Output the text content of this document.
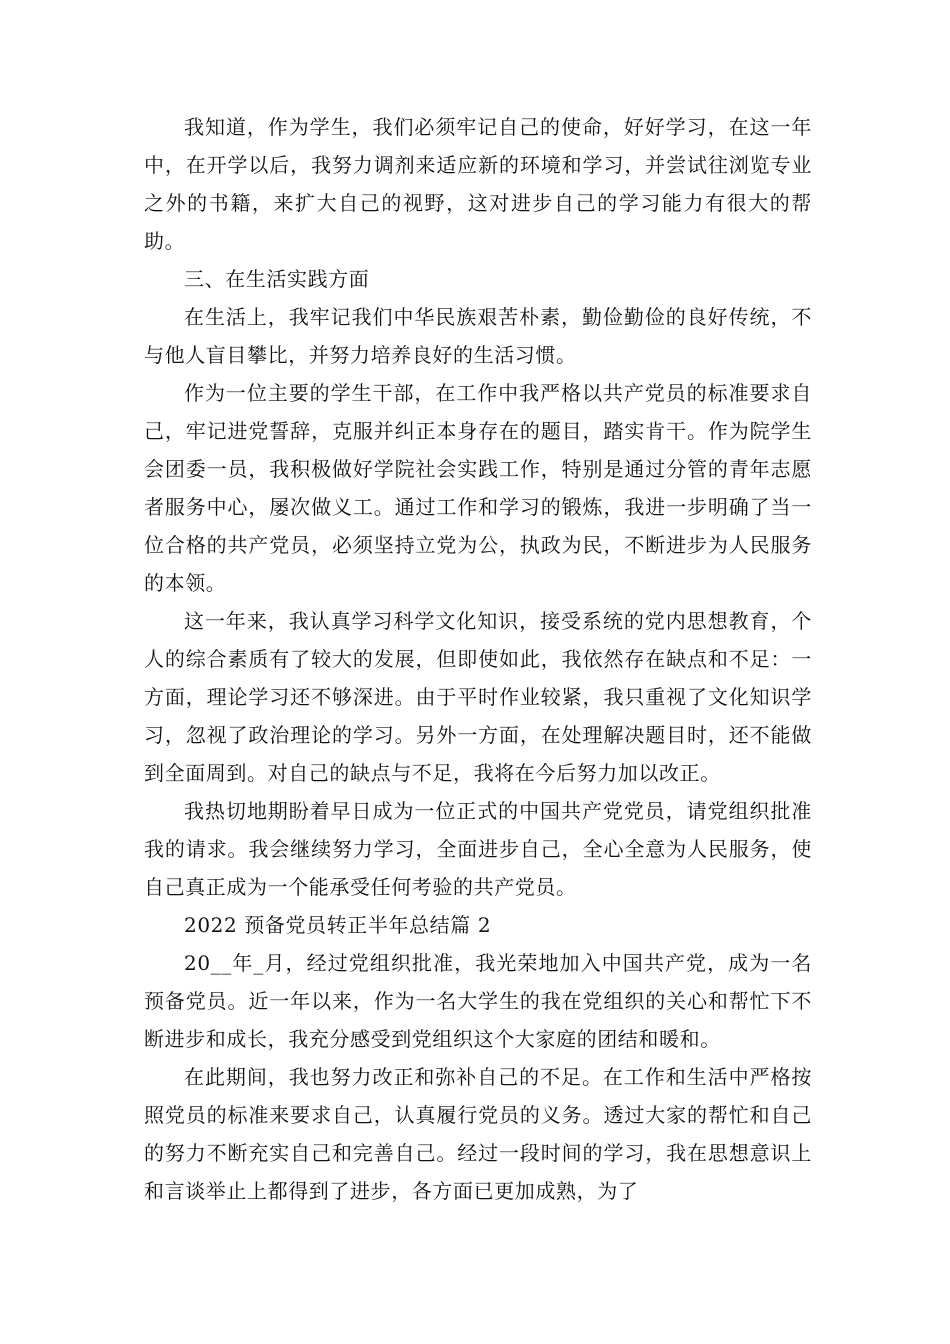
我知道，作为学生，我们必须牢记自己的使命，好好学习，在这一年中，在开学以后，我努力调剂来适应新的环境和学习，并尝试往浏览专业之外的书籍，来扩大自己的视野，这对进步自己的学习能力有很大的帮助。

三、在生活实践方面

在生活上，我牢记我们中华民族艰苦朴素，勤俭勤俭的良好传统，不与他人盲目攀比，并努力培养良好的生活习惯。

作为一位主要的学生干部，在工作中我严格以共产党员的标准要求自己，牢记进党誓辞，克服并纠正本身存在的题目，踏实肯干。作为院学生会团委一员，我积极做好学院社会实践工作，特别是通过分管的青年志愿者服务中心，屡次做义工。通过工作和学习的锻炼，我进一步明确了当一位合格的共产党员，必须坚持立党为公，执政为民，不断进步为人民服务的本领。

这一年来，我认真学习科学文化知识，接受系统的党内思想教育，个人的综合素质有了较大的发展，但即使如此，我依然存在缺点和不足：一方面，理论学习还不够深进。由于平时作业较紧，我只重视了文化知识学习，忽视了政治理论的学习。另外一方面，在处理解决题目时，还不能做到全面周到。对自己的缺点与不足，我将在今后努力加以改正。

我热切地期盼着早日成为一位正式的中国共产党党员，请党组织批准我的请求。我会继续努力学习，全面进步自己，全心全意为人民服务，使自己真正成为一个能承受任何考验的共产党员。

2022 预备党员转正半年总结篇 2

20__年_月，经过党组织批准，我光荣地加入中国共产党，成为一名预备党员。近一年以来，作为一名大学生的我在党组织的关心和帮忙下不断进步和成长，我充分感受到党组织这个大家庭的团结和暖和。

在此期间，我也努力改正和弥补自己的不足。在工作和生活中严格按照党员的标准来要求自己，认真履行党员的义务。透过大家的帮忙和自己的努力不断充实自己和完善自己。经过一段时间的学习，我在思想意识上和言谈举止上都得到了进步，各方面已更加成熟，为了
